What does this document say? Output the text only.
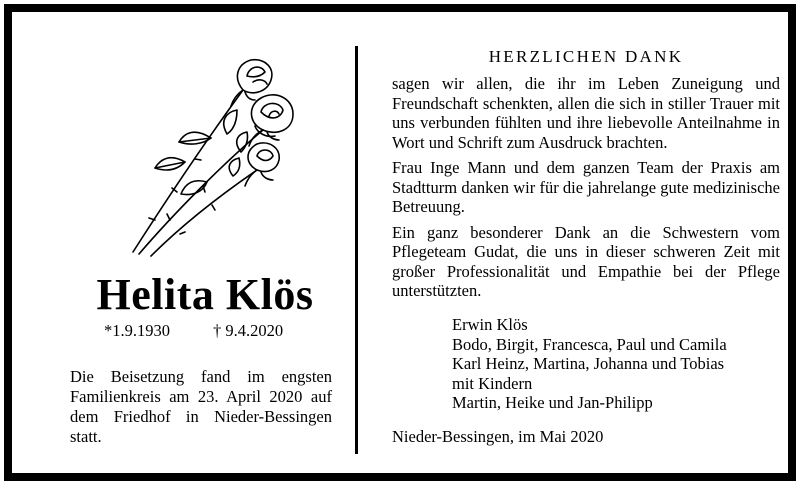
Helita Klös
*1.9.1930	† 9.4.2020
Die Beisetzung fand im engsten Familienkreis am 23. April 2020 auf dem Friedhof in Nieder-Bessingen statt.
HERZLICHEN DANK

sagen wir allen, die ihr im Leben Zuneigung und Freundschaft schenkten, allen die sich in stiller Trauer mit uns verbunden fühlten und ihre liebevolle Anteilnahme in Wort und Schrift zum Ausdruck brachten.

Frau Inge Mann und dem ganzen Team der Praxis am Stadtturm danken wir für die jahrelange gute medizinische Betreuung.

Ein ganz besonderer Dank an die Schwestern vom Pflegeteam Gudat, die uns in dieser schweren Zeit mit großer Professionalität und Empathie bei der Pflege unterstützten.

Erwin Klös
Bodo, Birgit, Francesca, Paul und Camila
Karl Heinz, Martina, Johanna und Tobias
mit Kindern
Martin, Heike und Jan-Philipp
Nieder-Bessingen, im Mai 2020
